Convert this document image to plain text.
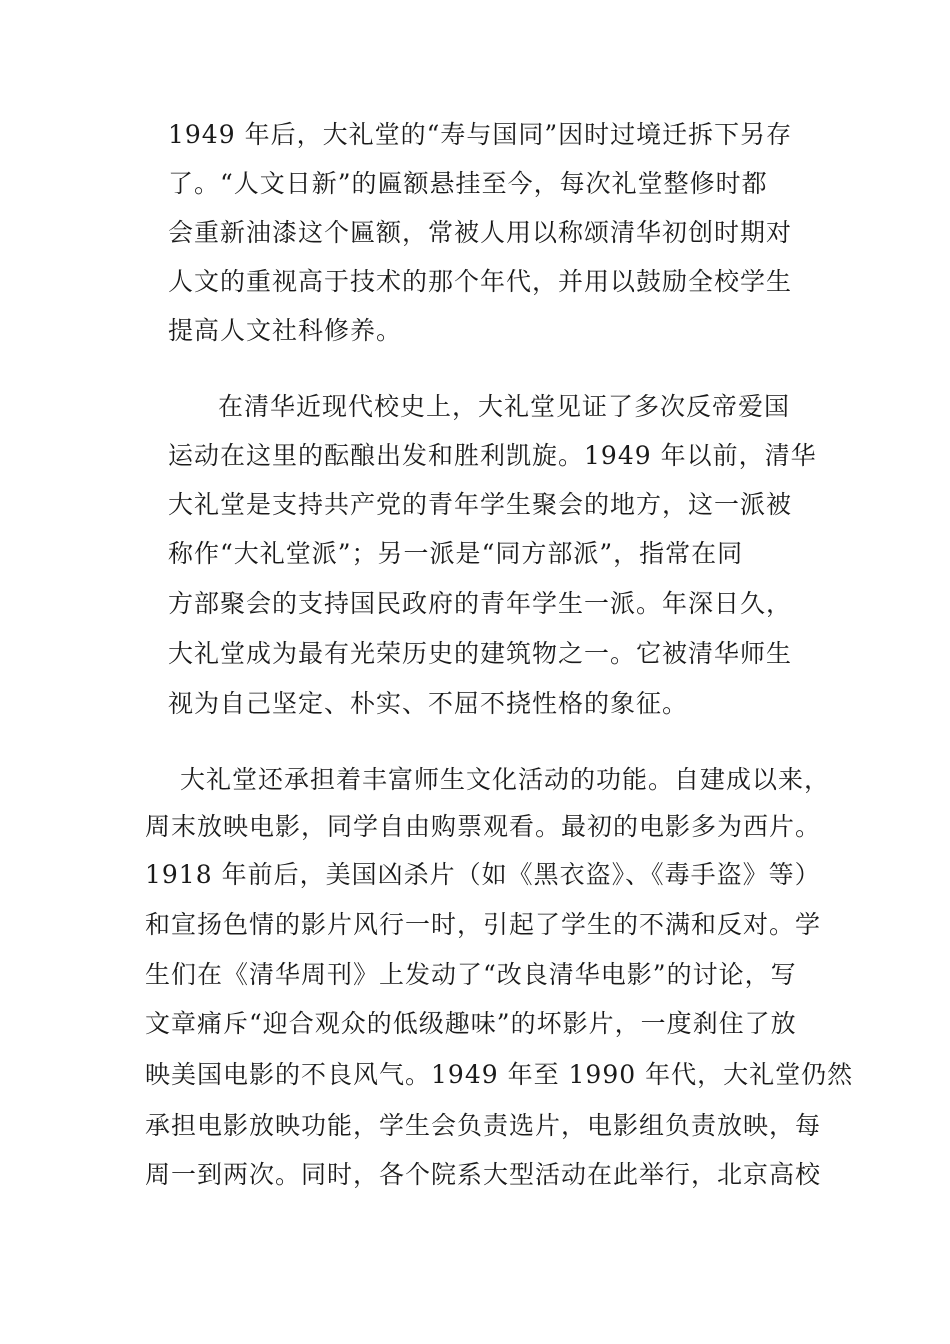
1949 年后，大礼堂的“寿与国同”因时过境迁拆下另存
了。“人文日新”的匾额悬挂至今，每次礼堂整修时都
会重新油漆这个匾额，常被人用以称颂清华初创时期对
人文的重视高于技术的那个年代，并用以鼓励全校学生
提高人文社科修养。
在清华近现代校史上，大礼堂见证了多次反帝爱国
运动在这里的酝酿出发和胜利凯旋。1949 年以前，清华
大礼堂是支持共产党的青年学生聚会的地方，这一派被
称作“大礼堂派”；另一派是“同方部派”，指常在同
方部聚会的支持国民政府的青年学生一派。年深日久，
大礼堂成为最有光荣历史的建筑物之一。它被清华师生
视为自己坚定、朴实、不屈不挠性格的象征。
大礼堂还承担着丰富师生文化活动的功能。自建成以来，
周末放映电影，同学自由购票观看。最初的电影多为西片。
1918 年前后，美国凶杀片（如《黑衣盗》、《毒手盗》等）
和宣扬色情的影片风行一时，引起了学生的不满和反对。学
生们在《清华周刊》上发动了“改良清华电影”的讨论，写
文章痛斥“迎合观众的低级趣味”的坏影片，一度刹住了放
映美国电影的不良风气。1949 年至 1990 年代，大礼堂仍然
承担电影放映功能，学生会负责选片，电影组负责放映，每
周一到两次。同时，各个院系大型活动在此举行，北京高校
